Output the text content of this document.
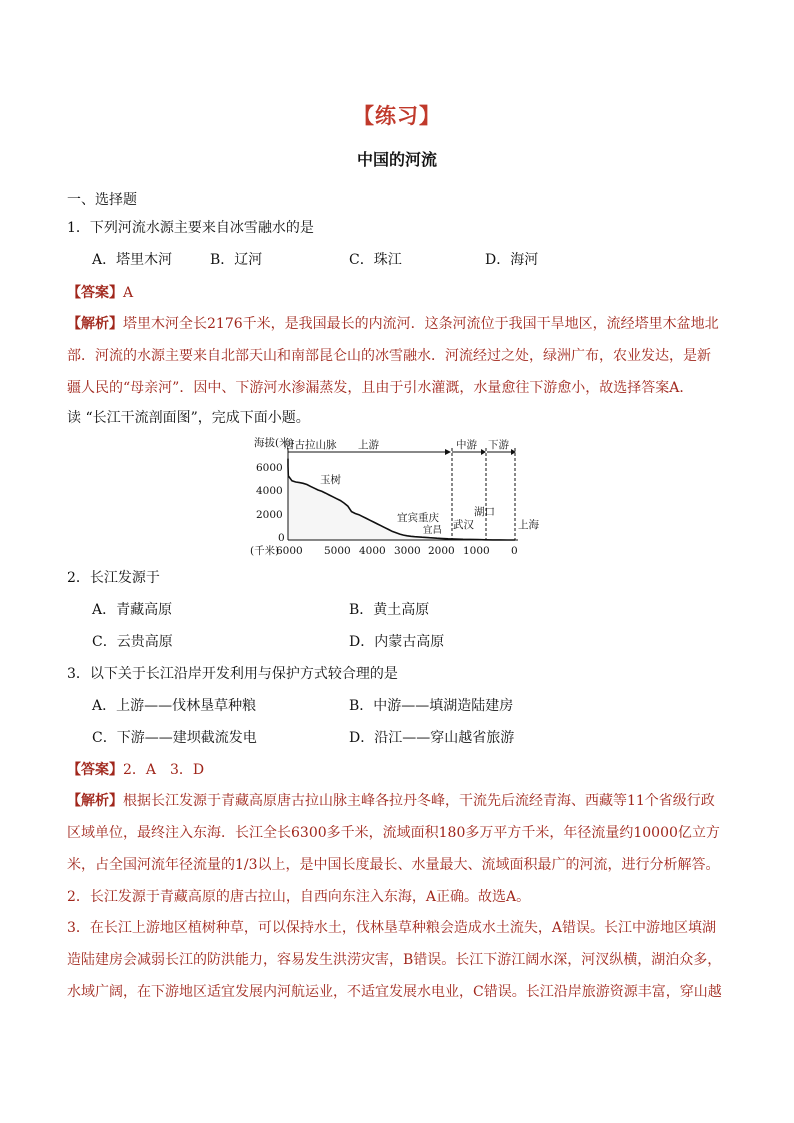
【练习】
中国的河流
一、选择题
1．下列河流水源主要来自冰雪融水的是
A．塔里木河	B．辽河	C．珠江	D．海河
【答案】A
【解析】塔里木河全长2176千米，是我国最长的内流河．这条河流位于我国干旱地区，流经塔里木盆地北
部．河流的水源主要来自北部天山和南部昆仑山的冰雪融水．河流经过之处，绿洲广布，农业发达，是新
疆人民的“母亲河”．因中、下游河水渗漏蒸发，且由于引水灌溉，水量愈往下游愈小，故选择答案A．
读 “长江干流剖面图”，完成下面小题。
海拔(米)
唐古拉山脉 上游	中游 下游
6000
4000
2000
0
(千米)
6000 5000 4000 3000 2000 1000 0
玉树
宜宾重庆
宜昌
湖口
武汉	上海
2．长江发源于
A．青藏高原	B．黄土高原
C．云贵高原	D．内蒙古高原
3．以下关于长江沿岸开发利用与保护方式较合理的是
A．上游——伐林垦草种粮	B．中游——填湖造陆建房
C．下游——建坝截流发电	D．沿江——穿山越省旅游
【答案】2．A　3．D
【解析】根据长江发源于青藏高原唐古拉山脉主峰各拉丹冬峰，干流先后流经青海、西藏等11个省级行政
区域单位，最终注入东海．长江全长6300多千米，流域面积180多万平方千米，年径流量约10000亿立方
米，占全国河流年径流量的1/3以上，是中国长度最长、水量最大、流域面积最广的河流，进行分析解答。
2．长江发源于青藏高原的唐古拉山，自西向东注入东海，A正确。故选A。
3．在长江上游地区植树种草，可以保持水土，伐林垦草种粮会造成水土流失，A错误。长江中游地区填湖
造陆建房会减弱长江的防洪能力，容易发生洪涝灾害，B错误。长江下游江阔水深，河汊纵横，湖泊众多，
水域广阔，在下游地区适宜发展内河航运业，不适宜发展水电业，C错误。长江沿岸旅游资源丰富，穿山越
